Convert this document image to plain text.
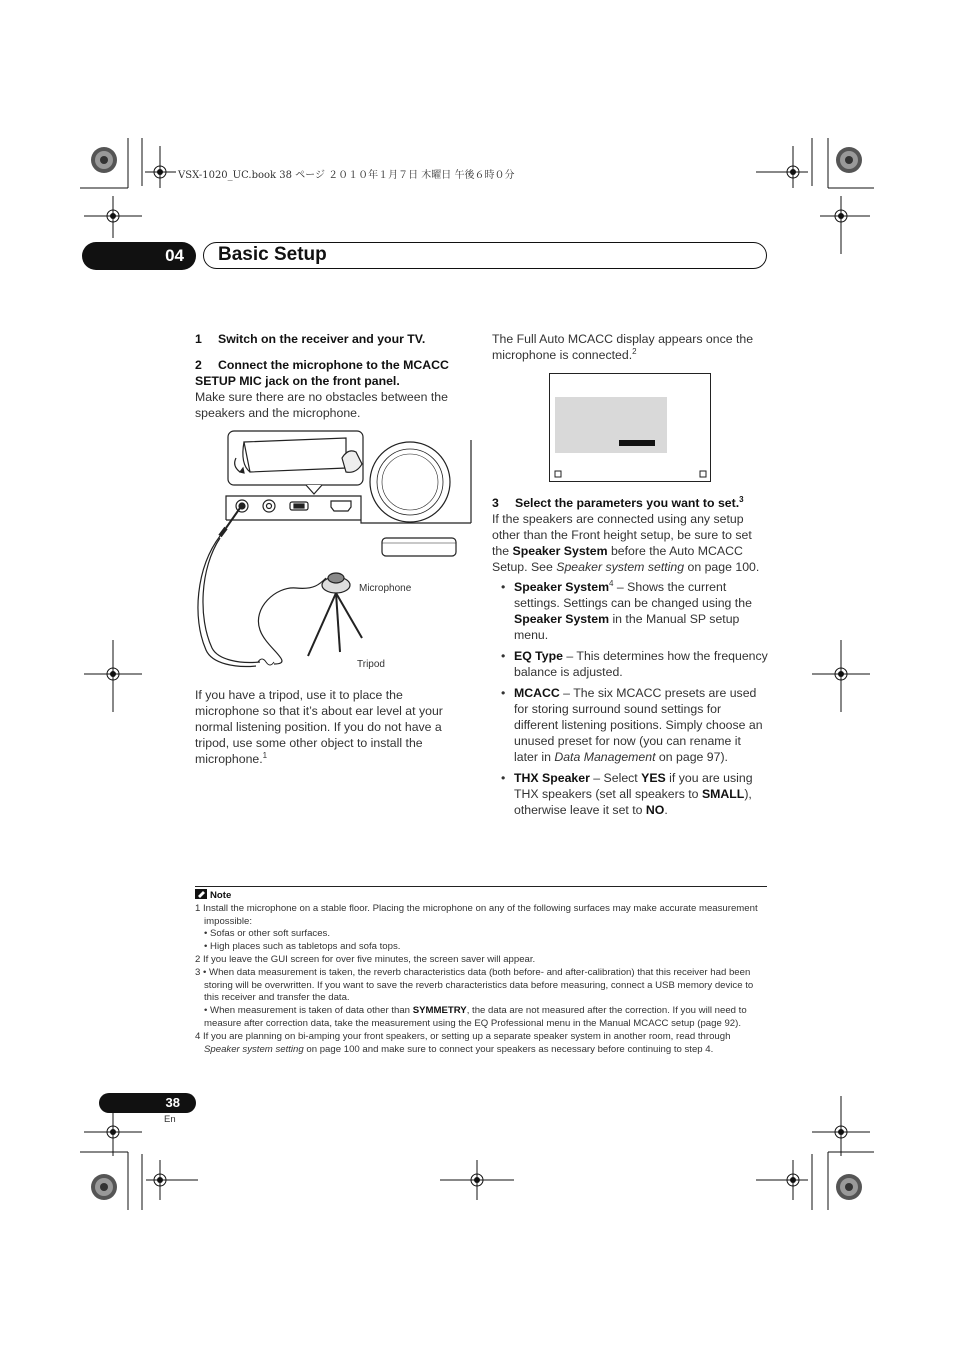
VSX-1020_UC.book 38 ページ ２０１０年１月７日 木曜日 午後６時０分
04	Basic Setup

1 Switch on the receiver and your TV.

2 Connect the microphone to the MCACC SETUP MIC jack on the front panel.

Make sure there are no obstacles between the speakers and the microphone.

Microphone
Tripod

If you have a tripod, use it to place the microphone so that it’s about ear level at your normal listening position. If you do not have a tripod, use some other object to install the microphone.$^1$

The Full Auto MCACC display appears once the microphone is connected.$^2$

3 Select the parameters you want to set.$^3$

If the speakers are connected using any setup other than the Front height setup, be sure to set the Speaker System before the Auto MCACC Setup. See Speaker system setting on page 100.

• Speaker System$^4$ – Shows the current settings. Settings can be changed using the Speaker System in the Manual SP setup menu.
• EQ Type – This determines how the frequency balance is adjusted.
• MCACC – The six MCACC presets are used for storing surround sound settings for different listening positions. Simply choose an unused preset for now (you can rename it later in Data Management on page 97).
• THX Speaker – Select YES if you are using THX speakers (set all speakers to SMALL), otherwise leave it set to NO.
Note
1 Install the microphone on a stable floor. Placing the microphone on any of the following surfaces may make accurate measurement impossible:
• Sofas or other soft surfaces.
• High places such as tabletops and sofa tops.
2 If you leave the GUI screen for over five minutes, the screen saver will appear.
3 • When data measurement is taken, the reverb characteristics data (both before- and after-calibration) that this receiver had been storing will be overwritten. If you want to save the reverb characteristics data before measuring, connect a USB memory device to this receiver and transfer the data.
• When measurement is taken of data other than SYMMETRY, the data are not measured after the correction. If you will need to measure after correction data, take the measurement using the EQ Professional menu in the Manual MCACC setup (page 92).
4 If you are planning on bi-amping your front speakers, or setting up a separate speaker system in another room, read through Speaker system setting on page 100 and make sure to connect your speakers as necessary before continuing to step 4.
38
En
